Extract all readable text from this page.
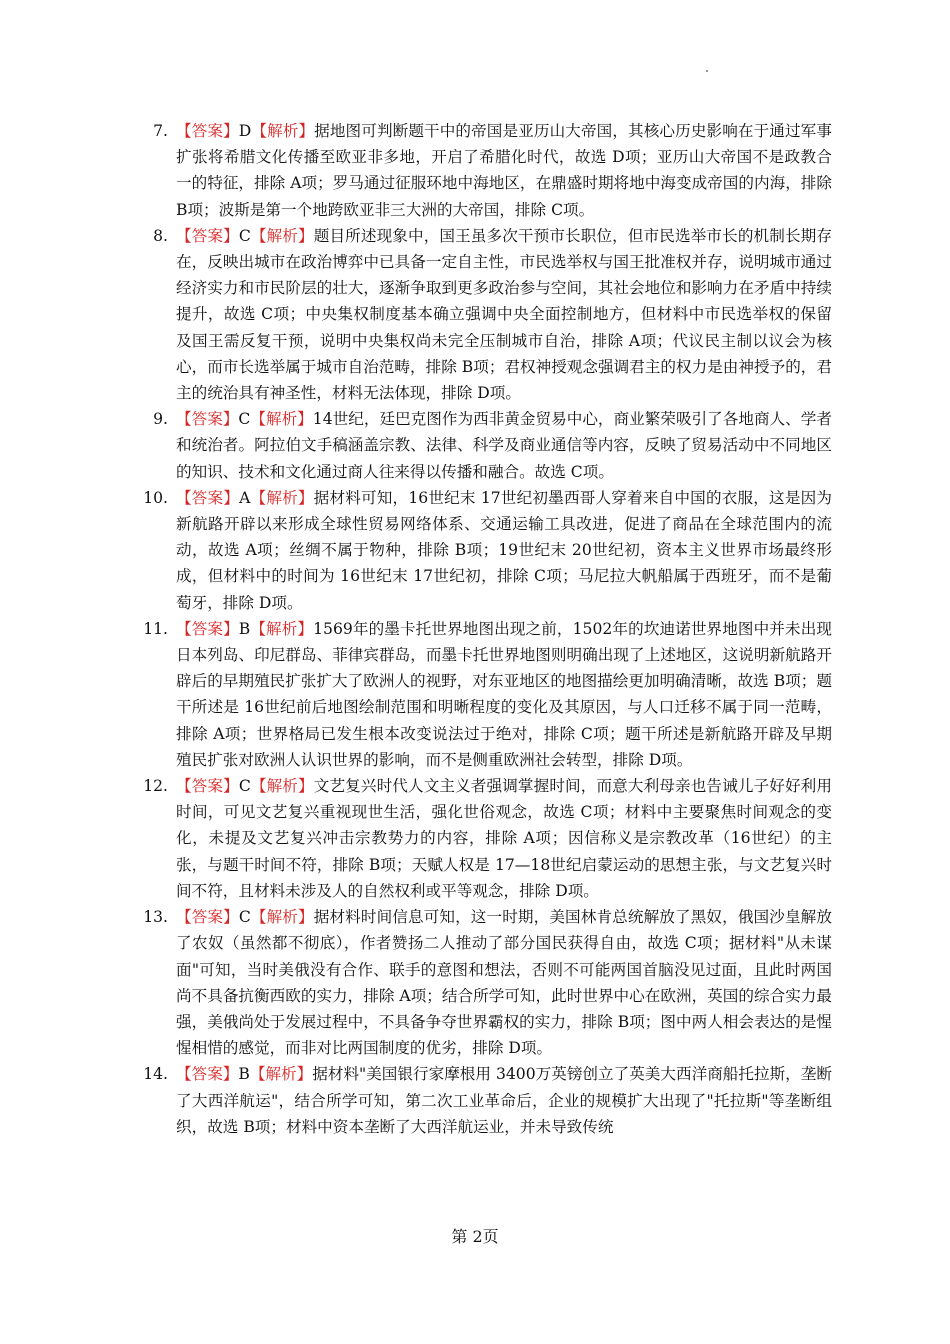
7. 【答案】D【解析】据地图可判断题干中的帝国是亚历山大帝国，其核心历史影响在于通过军事扩张将希腊文化传播至欧亚非多地，开启了希腊化时代，故选 D项；亚历山大帝国不是政教合一的特征，排除 A项；罗马通过征服环地中海地区，在鼎盛时期将地中海变成帝国的内海，排除 B项；波斯是第一个地跨欧亚非三大洲的大帝国，排除 C项。

8. 【答案】C【解析】题目所述现象中，国王虽多次干预市长职位，但市民选举市长的机制长期存在，反映出城市在政治博弈中已具备一定自主性，市民选举权与国王批准权并存，说明城市通过经济实力和市民阶层的壮大，逐渐争取到更多政治参与空间，其社会地位和影响力在矛盾中持续提升，故选 C项；中央集权制度基本确立强调中央全面控制地方，但材料中市民选举权的保留及国王需反复干预，说明中央集权尚未完全压制城市自治，排除 A项；代议民主制以议会为核心，而市长选举属于城市自治范畴，排除 B项；君权神授观念强调君主的权力是由神授予的，君主的统治具有神圣性，材料无法体现，排除 D项。

9. 【答案】C【解析】14世纪，廷巴克图作为西非黄金贸易中心，商业繁荣吸引了各地商人、学者和统治者。阿拉伯文手稿涵盖宗教、法律、科学及商业通信等内容，反映了贸易活动中不同地区的知识、技术和文化通过商人往来得以传播和融合。故选 C项。

10. 【答案】A【解析】据材料可知，16世纪末 17世纪初墨西哥人穿着来自中国的衣服，这是因为新航路开辟以来形成全球性贸易网络体系、交通运输工具改进，促进了商品在全球范围内的流动，故选 A项；丝绸不属于物种，排除 B项；19世纪末 20世纪初，资本主义世界市场最终形成，但材料中的时间为 16世纪末 17世纪初，排除 C项；马尼拉大帆船属于西班牙，而不是葡萄牙，排除 D项。

11. 【答案】B【解析】1569年的墨卡托世界地图出现之前，1502年的坎迪诺世界地图中并未出现日本列岛、印尼群岛、菲律宾群岛，而墨卡托世界地图则明确出现了上述地区，这说明新航路开辟后的早期殖民扩张扩大了欧洲人的视野，对东亚地区的地图描绘更加明确清晰，故选 B项；题干所述是 16世纪前后地图绘制范围和明晰程度的变化及其原因，与人口迁移不属于同一范畴，排除 A项；世界格局已发生根本改变说法过于绝对，排除 C项；题干所述是新航路开辟及早期殖民扩张对欧洲人认识世界的影响，而不是侧重欧洲社会转型，排除 D项。

12. 【答案】C【解析】文艺复兴时代人文主义者强调掌握时间，而意大利母亲也告诫儿子好好利用时间，可见文艺复兴重视现世生活，强化世俗观念，故选 C项；材料中主要聚焦时间观念的变化，未提及文艺复兴冲击宗教势力的内容，排除 A项；因信称义是宗教改革（16世纪）的主张，与题干时间不符，排除 B项；天赋人权是 17—18世纪启蒙运动的思想主张，与文艺复兴时间不符，且材料未涉及人的自然权利或平等观念，排除 D项。

13. 【答案】C【解析】据材料时间信息可知，这一时期，美国林肯总统解放了黑奴，俄国沙皇解放了农奴（虽然都不彻底），作者赞扬二人推动了部分国民获得自由，故选 C项；据材料"从未谋面"可知，当时美俄没有合作、联手的意图和想法，否则不可能两国首脑没见过面，且此时两国尚不具备抗衡西欧的实力，排除 A项；结合所学可知，此时世界中心在欧洲，英国的综合实力最强，美俄尚处于发展过程中，不具备争夺世界霸权的实力，排除 B项；图中两人相会表达的是惺惺相惜的感觉，而非对比两国制度的优劣，排除 D项。

14. 【答案】B【解析】据材料"美国银行家摩根用 3400万英镑创立了英美大西洋商船托拉斯，垄断了大西洋航运"，结合所学可知，第二次工业革命后，企业的规模扩大出现了"托拉斯"等垄断组织，故选 B项；材料中资本垄断了大西洋航运业，并未导致传统

第 2页
